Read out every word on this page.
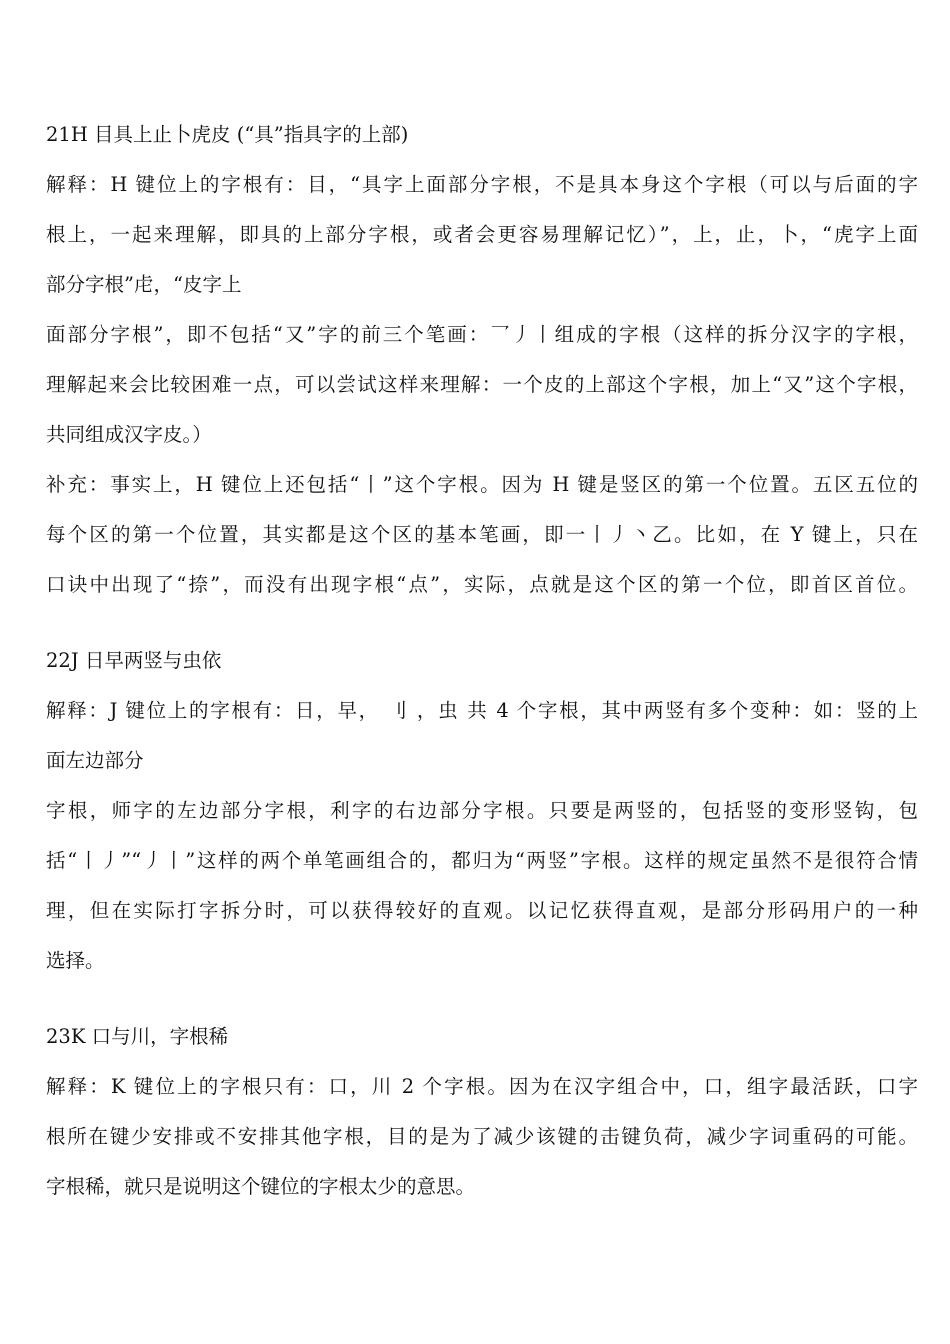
21H 目具上止卜虎皮 (“具”指具字的上部)
解释：H 键位上的字根有：目，“具字上面部分字根，不是具本身这个字根（可以与后面的字
根上，一起来理解，即具的上部分字根，或者会更容易理解记忆）”，上，止，卜，“虎字上面
部分字根”虍，“皮字上
面部分字根”，即不包括“又”字的前三个笔画：乛丿丨组成的字根（这样的拆分汉字的字根，
理解起来会比较困难一点，可以尝试这样来理解：一个皮的上部这个字根，加上“又”这个字根，
共同组成汉字皮。）
补充：事实上，H 键位上还包括“丨”这个字根。因为 H 键是竖区的第一个位置。五区五位的
每个区的第一个位置，其实都是这个区的基本笔画，即一丨丿丶乙。比如，在 Y 键上，只在
口诀中出现了“捺”，而没有出现字根“点”，实际，点就是这个区的第一个位，即首区首位。
22J 日早两竖与虫依
解释：J 键位上的字根有：日，早， 刂 ，虫 共 4 个字根，其中两竖有多个变种：如：竖的上
面左边部分
字根，师字的左边部分字根，利字的右边部分字根。只要是两竖的，包括竖的变形竖钩，包
括“丨丿”“丿丨”这样的两个单笔画组合的，都归为“两竖”字根。这样的规定虽然不是很符合情
理，但在实际打字拆分时，可以获得较好的直观。以记忆获得直观，是部分形码用户的一种
选择。
23K 口与川，字根稀
解释：K 键位上的字根只有：口，川 2 个字根。因为在汉字组合中，口，组字最活跃，口字
根所在键少安排或不安排其他字根，目的是为了减少该键的击键负荷，减少字词重码的可能。
字根稀，就只是说明这个键位的字根太少的意思。
